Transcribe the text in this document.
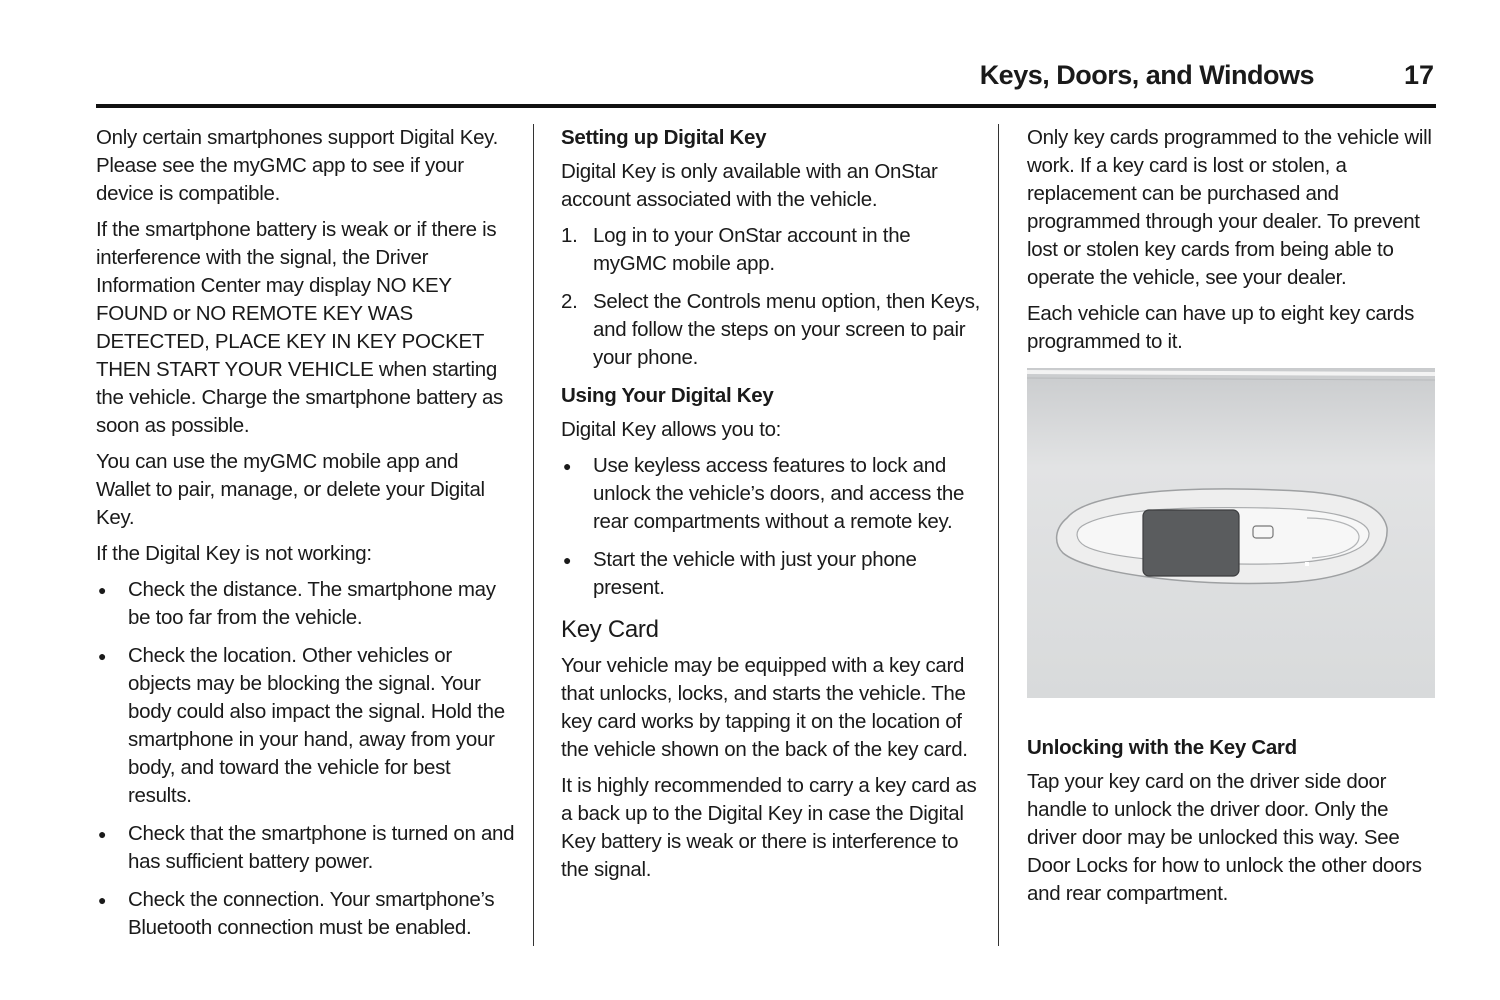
Keys, Doors, and Windows	17

Only certain smartphones support Digital Key. Please see the myGMC app to see if your device is compatible.

If the smartphone battery is weak or if there is interference with the signal, the Driver Information Center may display NO KEY FOUND or NO REMOTE KEY WAS DETECTED, PLACE KEY IN KEY POCKET THEN START YOUR VEHICLE when starting the vehicle. Charge the smartphone battery as soon as possible.

You can use the myGMC mobile app and Wallet to pair, manage, or delete your Digital Key.

If the Digital Key is not working:

● Check the distance. The smartphone may be too far from the vehicle.
● Check the location. Other vehicles or objects may be blocking the signal. Your body could also impact the signal. Hold the smartphone in your hand, away from your body, and toward the vehicle for best results.
● Check that the smartphone is turned on and has sufficient battery power.
● Check the connection. Your smartphone’s Bluetooth connection must be enabled.
Setting up Digital Key

Digital Key is only available with an OnStar account associated with the vehicle.

1. Log in to your OnStar account in the myGMC mobile app.
2. Select the Controls menu option, then Keys, and follow the steps on your screen to pair your phone.
Using Your Digital Key

Digital Key allows you to:

● Use keyless access features to lock and unlock the vehicle’s doors, and access the rear compartments without a remote key.
● Start the vehicle with just your phone present.
Key Card

Your vehicle may be equipped with a key card that unlocks, locks, and starts the vehicle. The key card works by tapping it on the location of the vehicle shown on the back of the key card.

It is highly recommended to carry a key card as a back up to the Digital Key in case the Digital Key battery is weak or there is interference to the signal.

Only key cards programmed to the vehicle will work. If a key card is lost or stolen, a replacement can be purchased and programmed through your dealer. To prevent lost or stolen key cards from being able to operate the vehicle, see your dealer.

Each vehicle can have up to eight key cards programmed to it.

Unlocking with the Key Card

Tap your key card on the driver side door handle to unlock the driver door. Only the driver door may be unlocked this way. See Door Locks for how to unlock the other doors and rear compartment.
